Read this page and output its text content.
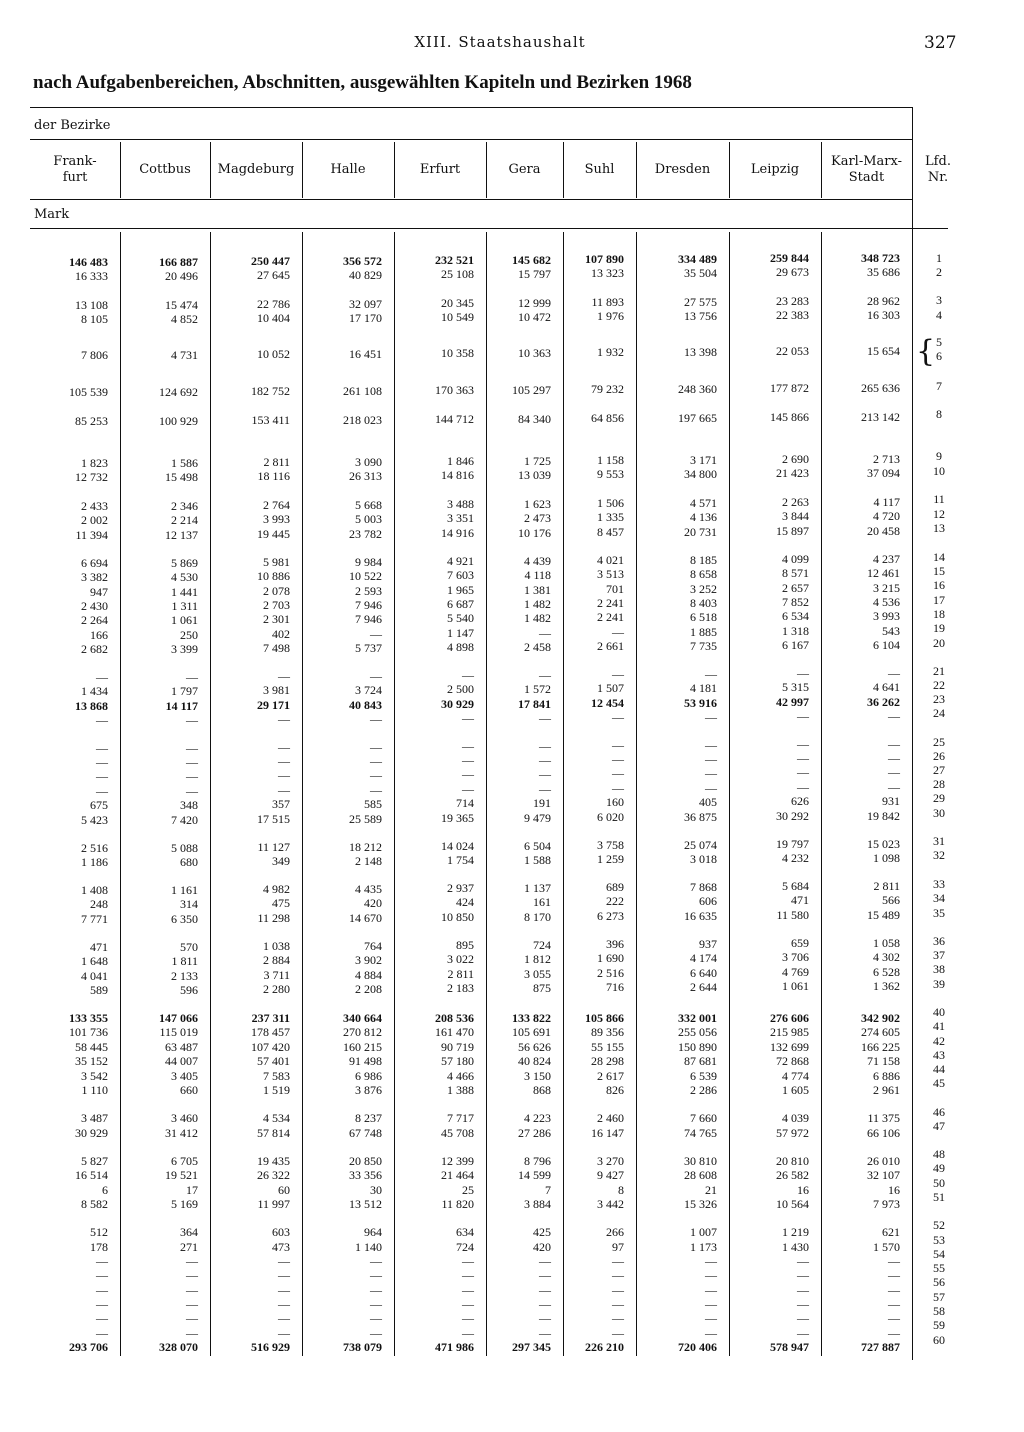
XIII. Staatshaushalt	327
nach Aufgabenbereichen, Abschnitten, ausgewählten Kapiteln und Bezirken 1968
der Bezirke
Mark
Lfd.
Nr.
Frank-
furt
146 483
16 333
13 108
8 105
7 806
105 539
85 253
1 823
12 732
2 433
2 002
11 394
6 694
3 382
947
2 430
2 264
166
2 682
—
1 434
13 868
—
—
—
—
—
675
5 423
2 516
1 186
1 408
248
7 771
471
1 648
4 041
589
133 355
101 736
58 445
35 152
3 542
1 110
3 487
30 929
5 827
16 514
6
8 582
512
178
—
—
—
—
—
—
293 706
Cottbus
166 887
20 496
15 474
4 852
4 731
124 692
100 929
1 586
15 498
2 346
2 214
12 137
5 869
4 530
1 441
1 311
1 061
250
3 399
—
1 797
14 117
—
—
—
—
—
348
7 420
5 088
680
1 161
314
6 350
570
1 811
2 133
596
147 066
115 019
63 487
44 007
3 405
660
3 460
31 412
6 705
19 521
17
5 169
364
271
—
—
—
—
—
—
328 070
Magdeburg
250 447
27 645
22 786
10 404
10 052
182 752
153 411
2 811
18 116
2 764
3 993
19 445
5 981
10 886
2 078
2 703
2 301
402
7 498
—
3 981
29 171
—
—
—
—
—
357
17 515
11 127
349
4 982
475
11 298
1 038
2 884
3 711
2 280
237 311
178 457
107 420
57 401
7 583
1 519
4 534
57 814
19 435
26 322
60
11 997
603
473
—
—
—
—
—
—
516 929
Halle
356 572
40 829
32 097
17 170
16 451
261 108
218 023
3 090
26 313
5 668
5 003
23 782
9 984
10 522
2 593
7 946
7 946
—
5 737
—
3 724
40 843
—
—
—
—
—
585
25 589
18 212
2 148
4 435
420
14 670
764
3 902
4 884
2 208
340 664
270 812
160 215
91 498
6 986
3 876
8 237
67 748
20 850
33 356
30
13 512
964
1 140
—
—
—
—
—
—
738 079
Erfurt
232 521
25 108
20 345
10 549
10 358
170 363
144 712
1 846
14 816
3 488
3 351
14 916
4 921
7 603
1 965
6 687
5 540
1 147
4 898
—
2 500
30 929
—
—
—
—
—
714
19 365
14 024
1 754
2 937
424
10 850
895
3 022
2 811
2 183
208 536
161 470
90 719
57 180
4 466
1 388
7 717
45 708
12 399
21 464
25
11 820
634
724
—
—
—
—
—
—
471 986
Gera
145 682
15 797
12 999
10 472
10 363
105 297
84 340
1 725
13 039
1 623
2 473
10 176
4 439
4 118
1 381
1 482
1 482
—
2 458
—
1 572
17 841
—
—
—
—
—
191
9 479
6 504
1 588
1 137
161
8 170
724
1 812
3 055
875
133 822
105 691
56 626
40 824
3 150
868
4 223
27 286
8 796
14 599
7
3 884
425
420
—
—
—
—
—
—
297 345
Suhl
107 890
13 323
11 893
1 976
1 932
79 232
64 856
1 158
9 553
1 506
1 335
8 457
4 021
3 513
701
2 241
2 241
—
2 661
—
1 507
12 454
—
—
—
—
—
160
6 020
3 758
1 259
689
222
6 273
396
1 690
2 516
716
105 866
89 356
55 155
28 298
2 617
826
2 460
16 147
3 270
9 427
8
3 442
266
97
—
—
—
—
—
—
226 210
Dresden
334 489
35 504
27 575
13 756
13 398
248 360
197 665
3 171
34 800
4 571
4 136
20 731
8 185
8 658
3 252
8 403
6 518
1 885
7 735
—
4 181
53 916
—
—
—
—
—
405
36 875
25 074
3 018
7 868
606
16 635
937
4 174
6 640
2 644
332 001
255 056
150 890
87 681
6 539
2 286
7 660
74 765
30 810
28 608
21
15 326
1 007
1 173
—
—
—
—
—
—
720 406
Leipzig
259 844
29 673
23 283
22 383
22 053
177 872
145 866
2 690
21 423
2 263
3 844
15 897
4 099
8 571
2 657
7 852
6 534
1 318
6 167
—
5 315
42 997
—
—
—
—
—
626
30 292
19 797
4 232
5 684
471
11 580
659
3 706
4 769
1 061
276 606
215 985
132 699
72 868
4 774
1 605
4 039
57 972
20 810
26 582
16
10 564
1 219
1 430
—
—
—
—
—
—
578 947
Karl-Marx-
Stadt
348 723
35 686
28 962
16 303
15 654
265 636
213 142
2 713
37 094
4 117
4 720
20 458
4 237
12 461
3 215
4 536
3 993
543
6 104
—
4 641
36 262
—
—
—
—
—
931
19 842
15 023
1 098
2 811
566
15 489
1 058
4 302
6 528
1 362
342 902
274 605
166 225
71 158
6 886
2 961
11 375
66 106
26 010
32 107
16
7 973
621
1 570
—
—
—
—
—
—
727 887
1
2
3
4
5
6
7
8
9
10
11
12
13
14
15
16
17
18
19
20
21
22
23
24
25
26
27
28
29
30
31
32
33
34
35
36
37
38
39
40
41
42
43
44
45
46
47
48
49
50
51
52
53
54
55
56
57
58
59
60
{
